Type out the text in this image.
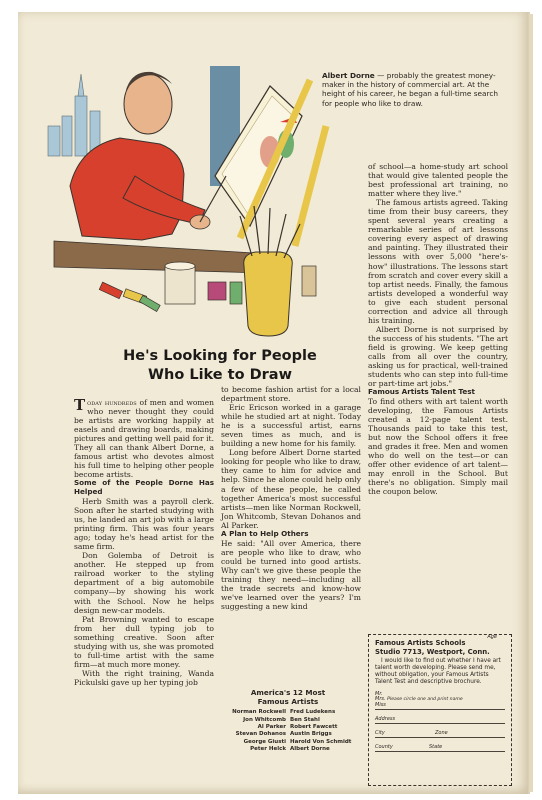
Albert Dorne — probably the greatest money-maker in the history of commercial art. At the height of his career, he began a full-time search for people who like to draw.
He's Looking for People
Who Like to Draw

Today hundreds of men and women who never thought they could be artists are working happily at easels and drawing boards, making pictures and getting well paid for it. They all can thank Albert Dorne, a famous artist who devotes almost his full time to helping other people become artists.

Some of the People Dorne Has Helped

Herb Smith was a payroll clerk. Soon after he started studying with us, he landed an art job with a large printing firm. This was four years ago; today he's head artist for the same firm.

Don Golemba of Detroit is another. He stepped up from railroad worker to the styling department of a big automobile company—by showing his work with the School. Now he helps design new-car models.

Pat Browning wanted to escape from her dull typing job to something creative. Soon after studying with us, she was promoted to full-time artist with the same firm—at much more money.

With the right training, Wanda Pickulski gave up her typing job

to become fashion artist for a local department store.

Eric Ericson worked in a garage while he studied art at night. Today he is a successful artist, earns seven times as much, and is building a new home for his family.

Long before Albert Dorne started looking for people who like to draw, they came to him for advice and help. Since he alone could help only a few of these people, he called together America's most successful artists—men like Norman Rockwell, Jon Whitcomb, Stevan Dohanos and Al Parker.

A Plan to Help Others

He said: "All over America, there are people who like to draw, who could be turned into good artists. Why can't we give these people the training they need—including all the trade secrets and know-how we've learned over the years? I'm suggesting a new kind

America's 12 Most
Famous Artists
Norman Rockwell Fred Ludekens
Jon Whitcomb Ben Stahl
Al Parker Robert Fawcett
Stevan Dohanos Austin Briggs
George Giusti Harold Von Schmidt
Peter Helck Albert Dorne

of school—a home-study art school that would give talented people the best professional art training, no matter where they live."

The famous artists agreed. Taking time from their busy careers, they spent several years creating a remarkable series of art lessons covering every aspect of drawing and painting. They illustrated their lessons with over 5,000 "here's-how" illustrations. The lessons start from scratch and cover every skill a top artist needs. Finally, the famous artists developed a wonderful way to give each student personal correction and advice all through his training.

Albert Dorne is not surprised by the success of his students. "The art field is growing. We keep getting calls from all over the country, asking us for practical, well-trained students who can step into full-time or part-time art jobs."

Famous Artists Talent Test

To find others with art talent worth developing, the Famous Artists created a 12-page talent test. Thousands paid to take this test, but now the School offers it free and grades it free. Men and women who do well on the test—or can offer other evidence of art talent—may enroll in the School. But there's no obligation. Simply mail the coupon below.

Famous Artists Schools
Studio 7713, Westport, Conn.
I would like to find out whether I have art talent worth developing. Please send me, without obligation, your Famous Artists Talent Test and descriptive brochure.
Mr.
Age

Mrs. Please circle one and print name
Miss
Address
City	Zone
County	State
